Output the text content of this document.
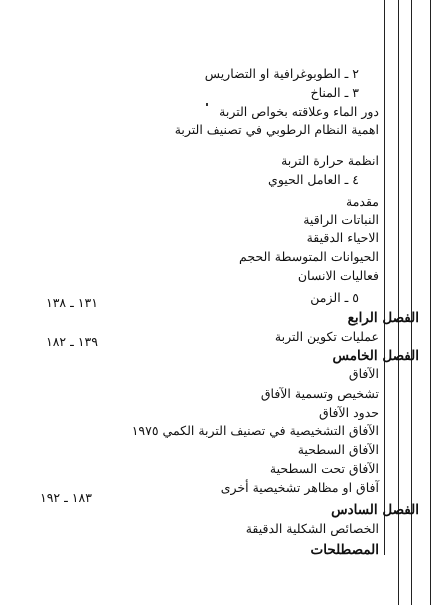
٢ ـ الطوبوغرافية او التضاريس
٣ ـ المناخ
دور الماء وعلاقته بخواص التربة
اهمية النظام الرطوبي في تصنيف التربة
انظمة حرارة التربة
٤ ـ العامل الحيوي
مقدمة
النباتات الراقية
الاحياء الدقيقة
الحيوانات المتوسطة الحجم
فعاليات الانسان
٥ ـ الزمن
الفصل الرابع
عمليات تكوين التربة
الفصل الخامس
الآفاق
تشخيص وتسمية الآفاق
حدود الآفاق
الآفاق التشخيصية في تصنيف التربة الكمي ١٩٧٥
الآفاق السطحية
الآفاق تحت السطحية
آفاق او مظاهر تشخيصية أخرى
الفصل السادس
الخصائص الشكلية الدقيقة
المصطلحات
١٣١ ـ ١٣٨
١٣٩ ـ ١٨٢
١٨٣ ـ ١٩٢
